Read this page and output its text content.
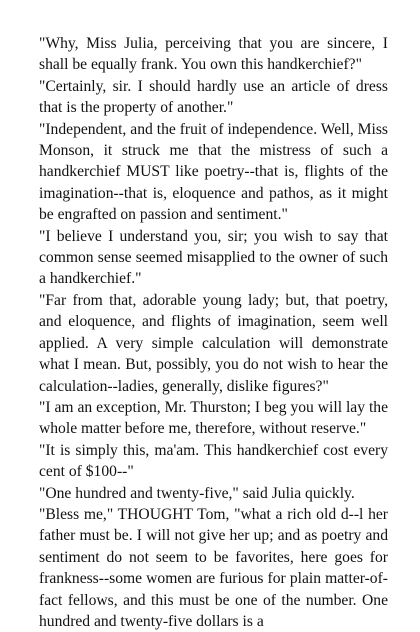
"Why, Miss Julia, perceiving that you are sincere, I shall be equally frank. You own this handkerchief?"

"Certainly, sir. I should hardly use an article of dress that is the property of another."

"Independent, and the fruit of independence. Well, Miss Monson, it struck me that the mistress of such a handkerchief MUST like poetry--that is, flights of the imagination--that is, eloquence and pathos, as it might be engrafted on passion and sentiment."

"I believe I understand you, sir; you wish to say that common sense seemed misapplied to the owner of such a handkerchief."

"Far from that, adorable young lady; but, that poetry, and eloquence, and flights of imagination, seem well applied. A very simple calculation will demonstrate what I mean. But, possibly, you do not wish to hear the calculation--ladies, generally, dislike figures?"

"I am an exception, Mr. Thurston; I beg you will lay the whole matter before me, therefore, without reserve."

"It is simply this, ma'am. This handkerchief cost every cent of $100--"

"One hundred and twenty-five," said Julia quickly.

"Bless me," THOUGHT Tom, "what a rich old d--l her father must be. I will not give her up; and as poetry and sentiment do not seem to be favorites, here goes for frankness--some women are furious for plain matter-of-fact fellows, and this must be one of the number. One hundred and twenty-five dollars is a
